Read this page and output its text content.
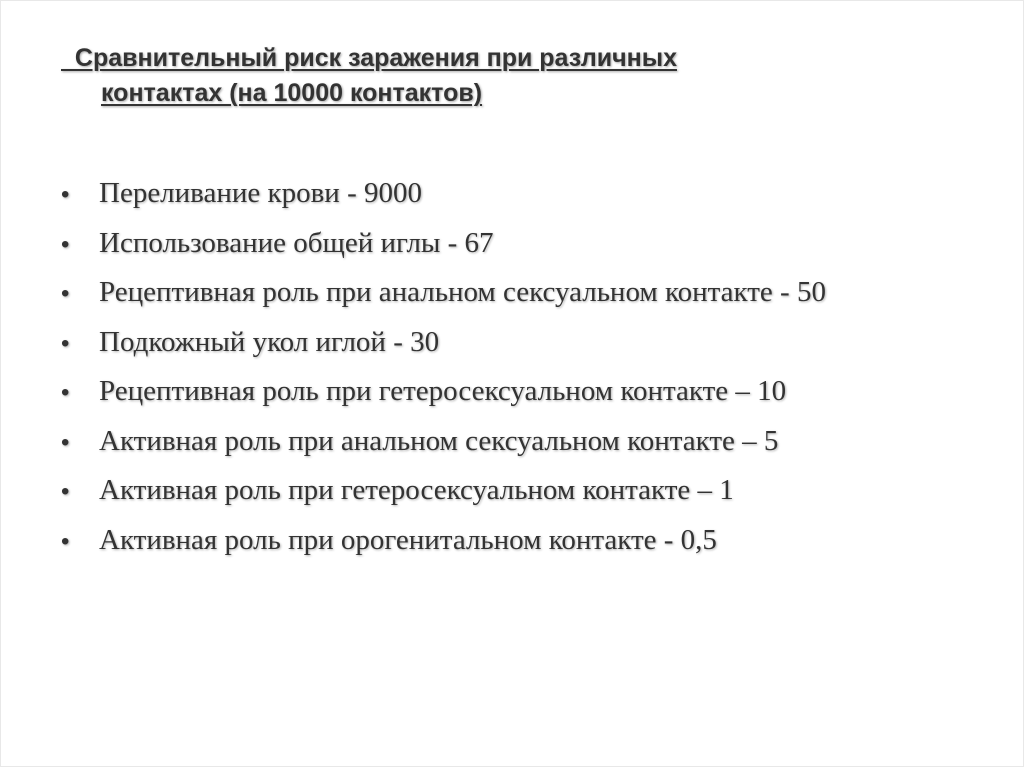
Сравнительный риск заражения при различных
контактах (на 10000 контактов)
•	Переливание крови - 9000
•	Использование общей иглы - 67
•	Рецептивная роль при анальном сексуальном контакте - 50
•	Подкожный укол иглой - 30
•	Рецептивная роль при гетеросексуальном контакте – 10
•	Активная роль при анальном сексуальном контакте – 5
•	Активная роль при гетеросексуальном контакте – 1
•	Активная роль при орогенитальном контакте - 0,5
